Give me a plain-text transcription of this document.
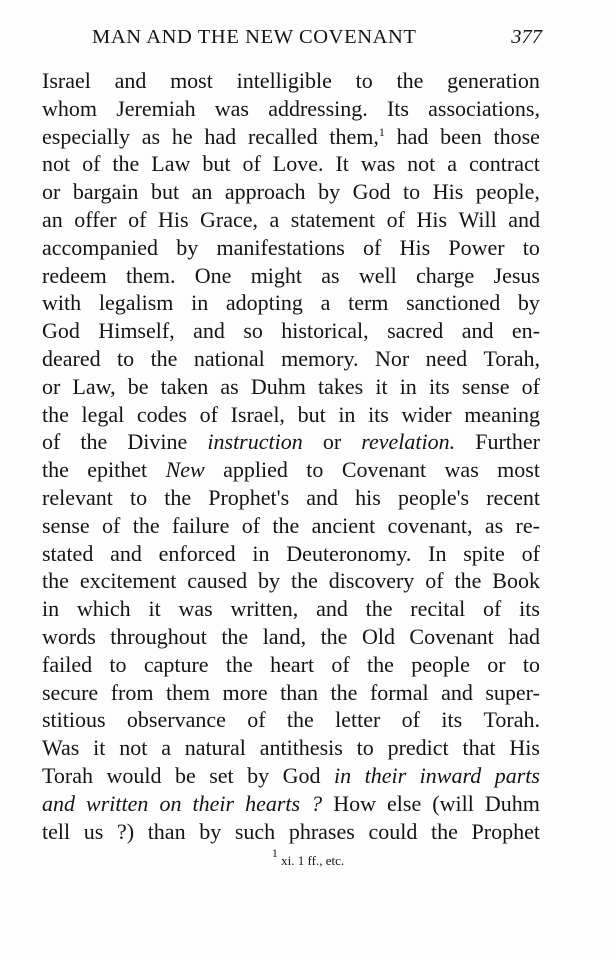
MAN AND THE NEW COVENANT	377
Israel and most intelligible to the generation
whom Jeremiah was addressing. Its associations,
especially as he had recalled them,$^1$ had been those
not of the Law but of Love. It was not a contract
or bargain but an approach by God to His people,
an offer of His Grace, a statement of His Will and
accompanied by manifestations of His Power to
redeem them. One might as well charge Jesus
with legalism in adopting a term sanctioned by
God Himself, and so historical, sacred and en-
deared to the national memory. Nor need Torah,
or Law, be taken as Duhm takes it in its sense of
the legal codes of Israel, but in its wider meaning
of the Divine instruction or revelation. Further
the epithet New applied to Covenant was most
relevant to the Prophet's and his people's recent
sense of the failure of the ancient covenant, as re-
stated and enforced in Deuteronomy. In spite of
the excitement caused by the discovery of the Book
in which it was written, and the recital of its
words throughout the land, the Old Covenant had
failed to capture the heart of the people or to
secure from them more than the formal and super-
stitious observance of the letter of its Torah.
Was it not a natural antithesis to predict that His
Torah would be set by God in their inward parts
and written on their hearts ? How else (will Duhm
tell us ?) than by such phrases could the Prophet
$^1$ xi. 1 ff., etc.
